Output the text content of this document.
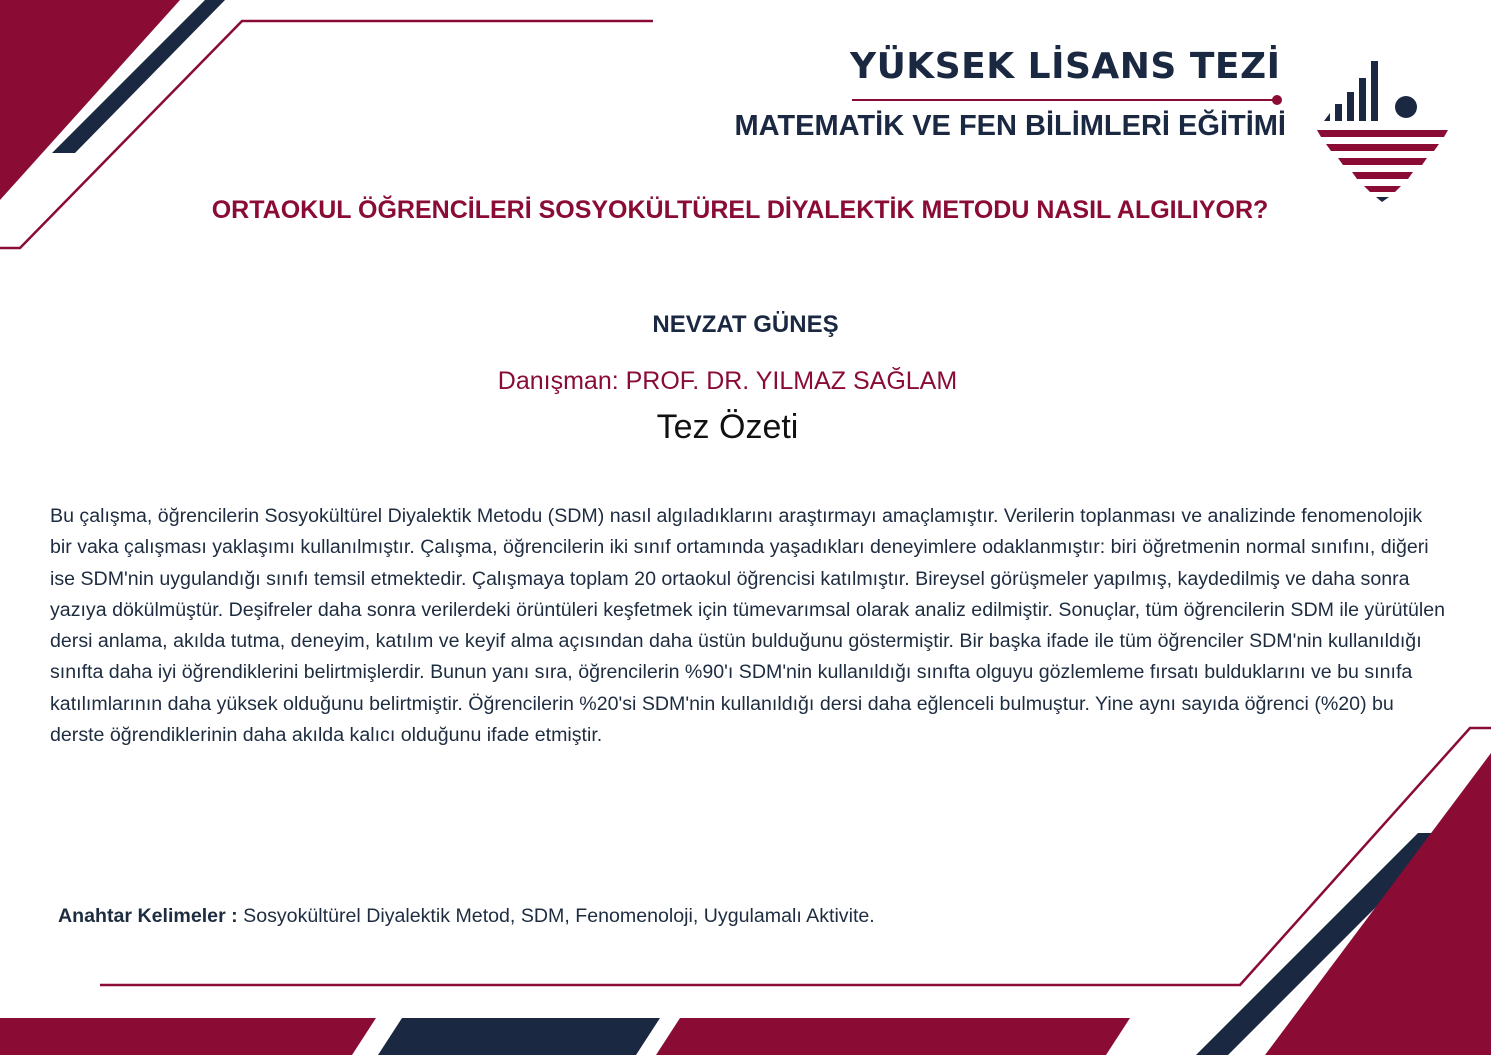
YÜKSEK LİSANS TEZİ
MATEMATİK VE FEN BİLİMLERİ EĞİTİMİ
ORTAOKUL ÖĞRENCİLERİ SOSYOKÜLTÜREL DİYALEKTİK METODU NASIL ALGILIYOR?
NEVZAT GÜNEŞ
Danışman: PROF. DR. YILMAZ SAĞLAM
Tez Özeti
Bu çalışma, öğrencilerin Sosyokültürel Diyalektik Metodu (SDM) nasıl algıladıklarını araştırmayı amaçlamıştır. Verilerin toplanması ve analizinde fenomenolojik bir vaka çalışması yaklaşımı kullanılmıştır. Çalışma, öğrencilerin iki sınıf ortamında yaşadıkları deneyimlere odaklanmıştır: biri öğretmenin normal sınıfını, diğeri ise SDM'nin uygulandığı sınıfı temsil etmektedir. Çalışmaya toplam 20 ortaokul öğrencisi katılmıştır. Bireysel görüşmeler yapılmış, kaydedilmiş ve daha sonra yazıya dökülmüştür. Deşifreler daha sonra verilerdeki örüntüleri keşfetmek için tümevarımsal olarak analiz edilmiştir. Sonuçlar, tüm öğrencilerin SDM ile yürütülen dersi anlama, akılda tutma, deneyim, katılım ve keyif alma açısından daha üstün bulduğunu göstermiştir. Bir başka ifade ile tüm öğrenciler SDM'nin kullanıldığı sınıfta daha iyi öğrendiklerini belirtmişlerdir. Bunun yanı sıra, öğrencilerin %90'ı SDM'nin kullanıldığı sınıfta olguyu gözlemleme fırsatı bulduklarını ve bu sınıfa katılımlarının daha yüksek olduğunu belirtmiştir. Öğrencilerin %20'si SDM'nin kullanıldığı dersi daha eğlenceli bulmuştur. Yine aynı sayıda öğrenci (%20) bu derste öğrendiklerinin daha akılda kalıcı olduğunu ifade etmiştir.
Anahtar Kelimeler : Sosyokültürel Diyalektik Metod, SDM, Fenomenoloji, Uygulamalı Aktivite.
